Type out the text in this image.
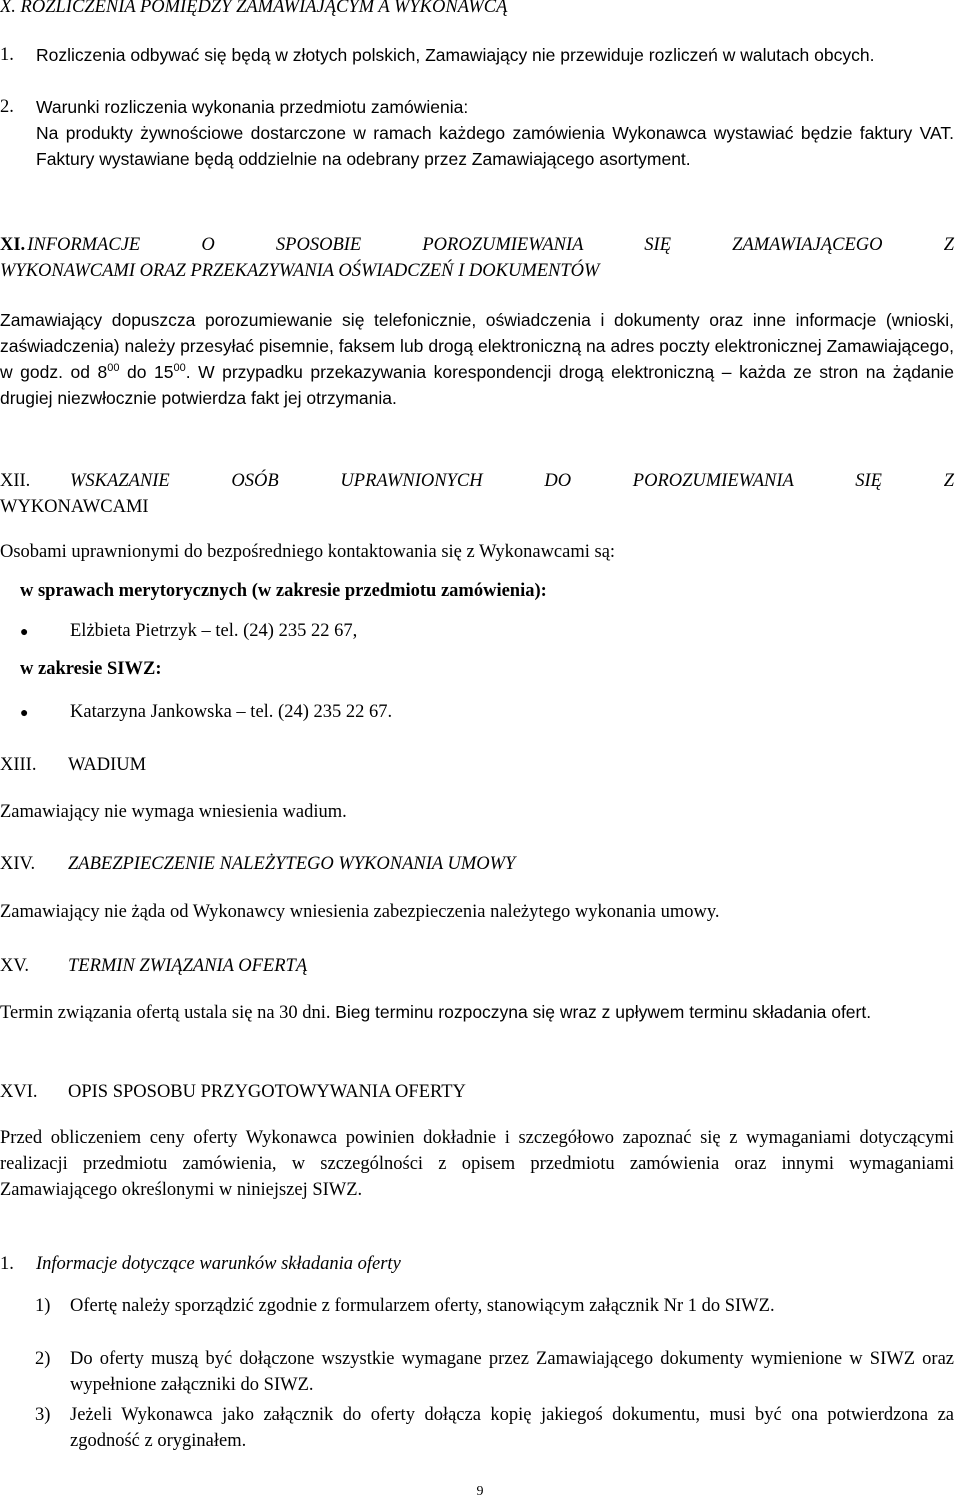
X. ROZLICZENIA POMIĘDZY ZAMAWIAJĄCYM A WYKONAWCĄ
1.	Rozliczenia odbywać się będą w złotych polskich, Zamawiający nie przewiduje rozliczeń w walutach obcych.
2.	Warunki rozliczenia wykonania przedmiotu zamówienia:
Na produkty żywnościowe dostarczone w ramach każdego zamówienia Wykonawca wystawiać będzie faktury VAT. Faktury wystawiane będą oddzielnie na odebrany przez Zamawiającego asortyment.
XI. INFORMACJE O SPOSOBIE POROZUMIEWANIA SIĘ ZAMAWIAJĄCEGO Z
WYKONAWCAMI ORAZ PRZEKAZYWANIA OŚWIADCZEŃ I DOKUMENTÓW
Zamawiający dopuszcza porozumiewanie się telefonicznie, oświadczenia i dokumenty oraz inne informacje (wnioski, zaświadczenia) należy przesyłać pisemnie, faksem lub drogą elektroniczną na adres poczty elektronicznej Zamawiającego, w godz. od $8^{00}$ do $15^{00}$. W przypadku przekazywania korespondencji drogą elektroniczną – każda ze stron na żądanie drugiej niezwłocznie potwierdza fakt jej otrzymania.
XII.	WSKAZANIE OSÓB UPRAWNIONYCH DO POROZUMIEWANIA SIĘ Z
WYKONAWCAMI
Osobami uprawnionymi do bezpośredniego kontaktowania się z Wykonawcami są:
w sprawach merytorycznych (w zakresie przedmiotu zamówienia):
●	Elżbieta Pietrzyk – tel. (24) 235 22 67,
w zakresie SIWZ:
●	Katarzyna Jankowska – tel. (24) 235 22 67.
XIII.	WADIUM
Zamawiający nie wymaga wniesienia wadium.
XIV.	ZABEZPIECZENIE NALEŻYTEGO WYKONANIA UMOWY
Zamawiający nie żąda od Wykonawcy wniesienia zabezpieczenia należytego wykonania umowy.
XV.	TERMIN ZWIĄZANIA OFERTĄ
Termin związania ofertą ustala się na 30 dni. Bieg terminu rozpoczyna się wraz z upływem terminu składania ofert.
XVI.	OPIS SPOSOBU PRZYGOTOWYWANIA OFERTY
Przed obliczeniem ceny oferty Wykonawca powinien dokładnie i szczegółowo zapoznać się z wymaganiami dotyczącymi realizacji przedmiotu zamówienia, w szczególności z opisem przedmiotu zamówienia oraz innymi wymaganiami Zamawiającego określonymi w niniejszej SIWZ.
1.	Informacje dotyczące warunków składania oferty
1)	Ofertę należy sporządzić zgodnie z formularzem oferty, stanowiącym załącznik Nr 1 do SIWZ.
2)	Do oferty muszą być dołączone wszystkie wymagane przez Zamawiającego dokumenty wymienione w SIWZ oraz wypełnione załączniki do SIWZ.
3)	Jeżeli Wykonawca jako załącznik do oferty dołącza kopię jakiegoś dokumentu, musi być ona potwierdzona za zgodność z oryginałem.
9
